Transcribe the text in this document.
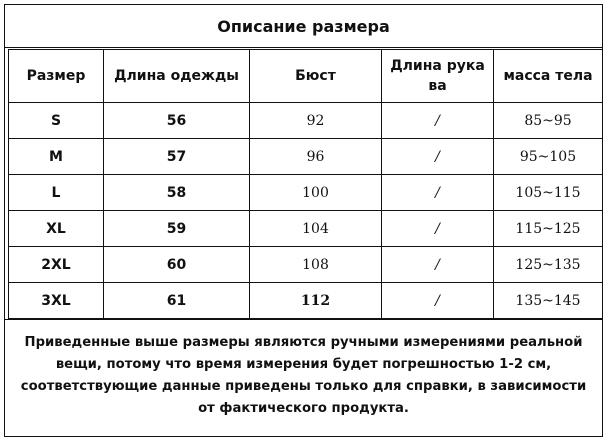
Описание размера
Размер	Длина одежды	Бюст	Длина рука ва	масса тела
S	56	92	/	85~95
M	57	96	/	95~105
L	58	100	/	105~115
XL	59	104	/	115~125
2XL	60	108	/	125~135
3XL	61	112	/	135~145
Приведенные выше размеры являются ручными измерениями реальной вещи, потому что время измерения будет погрешностью 1-2 см, соответствующие данные приведены только для справки, в зависимости от фактического продукта.
